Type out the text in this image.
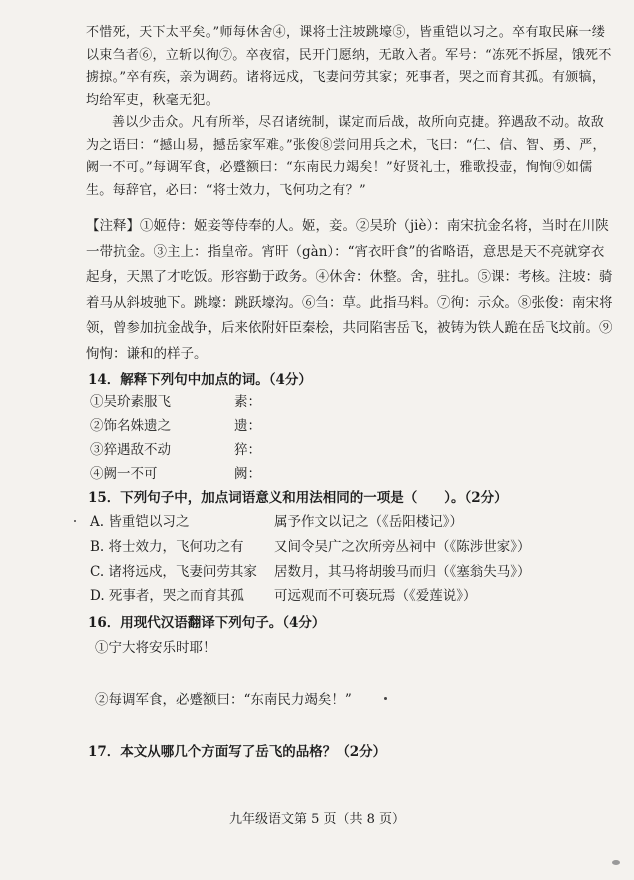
不惜死，天下太平矣。”师每休舍④，课将士注坡跳壕⑤，皆重铠以习之。卒有取民麻一缕以束刍者⑥，立斩以徇⑦。卒夜宿，民开门愿纳，无敢入者。军号：“冻死不拆屋，饿死不掳掠。”卒有疾，亲为调药。诸将远戍，飞妻问劳其家；死事者，哭之而育其孤。有颁犒，均给军吏，秋毫无犯。

善以少击众。凡有所举，尽召诸统制，谋定而后战，故所向克捷。猝遇敌不动。故敌为之语曰：“撼山易，撼岳家军难。”张俊⑧尝问用兵之术，飞曰：“仁、信、智、勇、严，阙一不可。”每调军食，必蹙额曰：“东南民力竭矣！”好贤礼士，雅歌投壶，恂恂⑨如儒生。每辞官，必曰：“将士效力，飞何功之有？”

【注释】①姬侍：姬妾等侍奉的人。姬，妾。②吴玠（jiè）：南宋抗金名将，当时在川陕一带抗金。③主上：指皇帝。宵旰（gàn）：“宵衣旰食”的省略语，意思是天不亮就穿衣起身，天黑了才吃饭。形容勤于政务。④休舍：休整。舍，驻扎。⑤课：考核。注坡：骑着马从斜坡驰下。跳壕：跳跃壕沟。⑥刍：草。此指马料。⑦徇：示众。⑧张俊：南宋将领，曾参加抗金战争，后来依附奸臣秦桧，共同陷害岳飞，被铸为铁人跪在岳飞坟前。⑨恂恂：谦和的样子。

14．解释下列句中加点的词。（4分）
①吴玠素服飞	素：
②饰名姝遗之	遗：
③猝遇敌不动	猝：
④阙一不可	阙：
15．下列句子中，加点词语意义和用法相同的一项是（　　）。（2分）
A. 皆重铠以习之	属予作文以记之（《岳阳楼记》）
B. 将士效力，飞何功之有 又间令吴广之次所旁丛祠中（《陈涉世家》）
C. 诸将远戍，飞妻问劳其家 居数月，其马将胡骏马而归（《塞翁失马》）
D. 死事者，哭之而育其孤 可远观而不可亵玩焉（《爱莲说》）
16．用现代汉语翻译下列句子。（4分）
①宁大将安乐时耶！
②每调军食，必蹙额曰：“东南民力竭矣！”
17．本文从哪几个方面写了岳飞的品格？（2分）
九年级语文第 5 页（共 8 页）
